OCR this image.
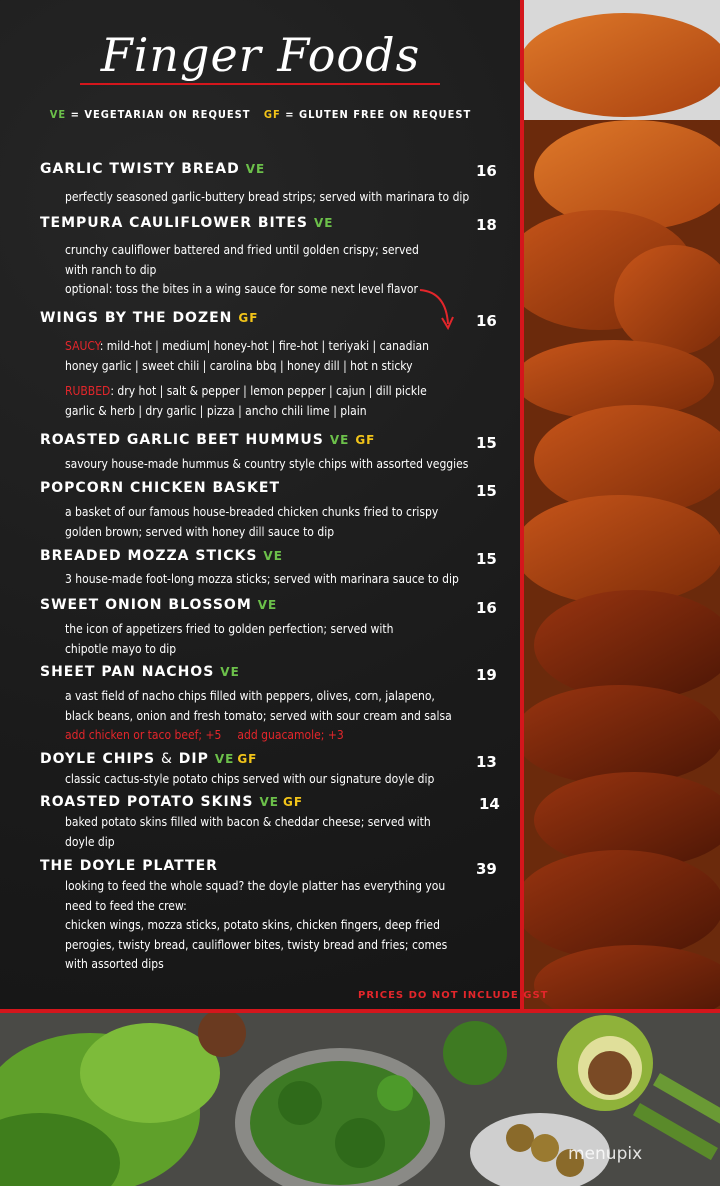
Finger Foods
VE = VEGETARIAN ON REQUEST GF = GLUTEN FREE ON REQUEST
GARLIC TWISTY BREAD VE	16
perfectly seasoned garlic-buttery bread strips; served with marinara to dip
TEMPURA CAULIFLOWER BITES VE	18
crunchy cauliflower battered and fried until golden crispy; served
with ranch to dip
optional: toss the bites in a wing sauce for some next level flavor
WINGS BY THE DOZEN GF	16
SAUCY: mild-hot | medium| honey-hot | fire-hot | teriyaki | canadian
honey garlic | sweet chili | carolina bbq | honey dill | hot n sticky
RUBBED: dry hot | salt & pepper | lemon pepper | cajun | dill pickle
garlic & herb | dry garlic | pizza | ancho chili lime | plain
ROASTED GARLIC BEET HUMMUS VE GF	15
savoury house-made hummus & country style chips with assorted veggies
POPCORN CHICKEN BASKET	15
a basket of our famous house-breaded chicken chunks fried to crispy
golden brown; served with honey dill sauce to dip
BREADED MOZZA STICKS VE	15
3 house-made foot-long mozza sticks; served with marinara sauce to dip
SWEET ONION BLOSSOM VE	16
the icon of appetizers fried to golden perfection; served with
chipotle mayo to dip
SHEET PAN NACHOS VE	19
a vast field of nacho chips filled with peppers, olives, corn, jalapeno,
black beans, onion and fresh tomato; served with sour cream and salsa
add chicken or taco beef; +5 add guacamole; +3
DOYLE CHIPS & DIP VE GF	13
classic cactus-style potato chips served with our signature doyle dip
ROASTED POTATO SKINS VE GF	14
baked potato skins filled with bacon & cheddar cheese; served with
doyle dip
THE DOYLE PLATTER	39
looking to feed the whole squad? the doyle platter has everything you
need to feed the crew:
chicken wings, mozza sticks, potato skins, chicken fingers, deep fried
perogies, twisty bread, cauliflower bites, twisty bread and fries; comes
with assorted dips
PRICES DO NOT INCLUDE GST
menupix
